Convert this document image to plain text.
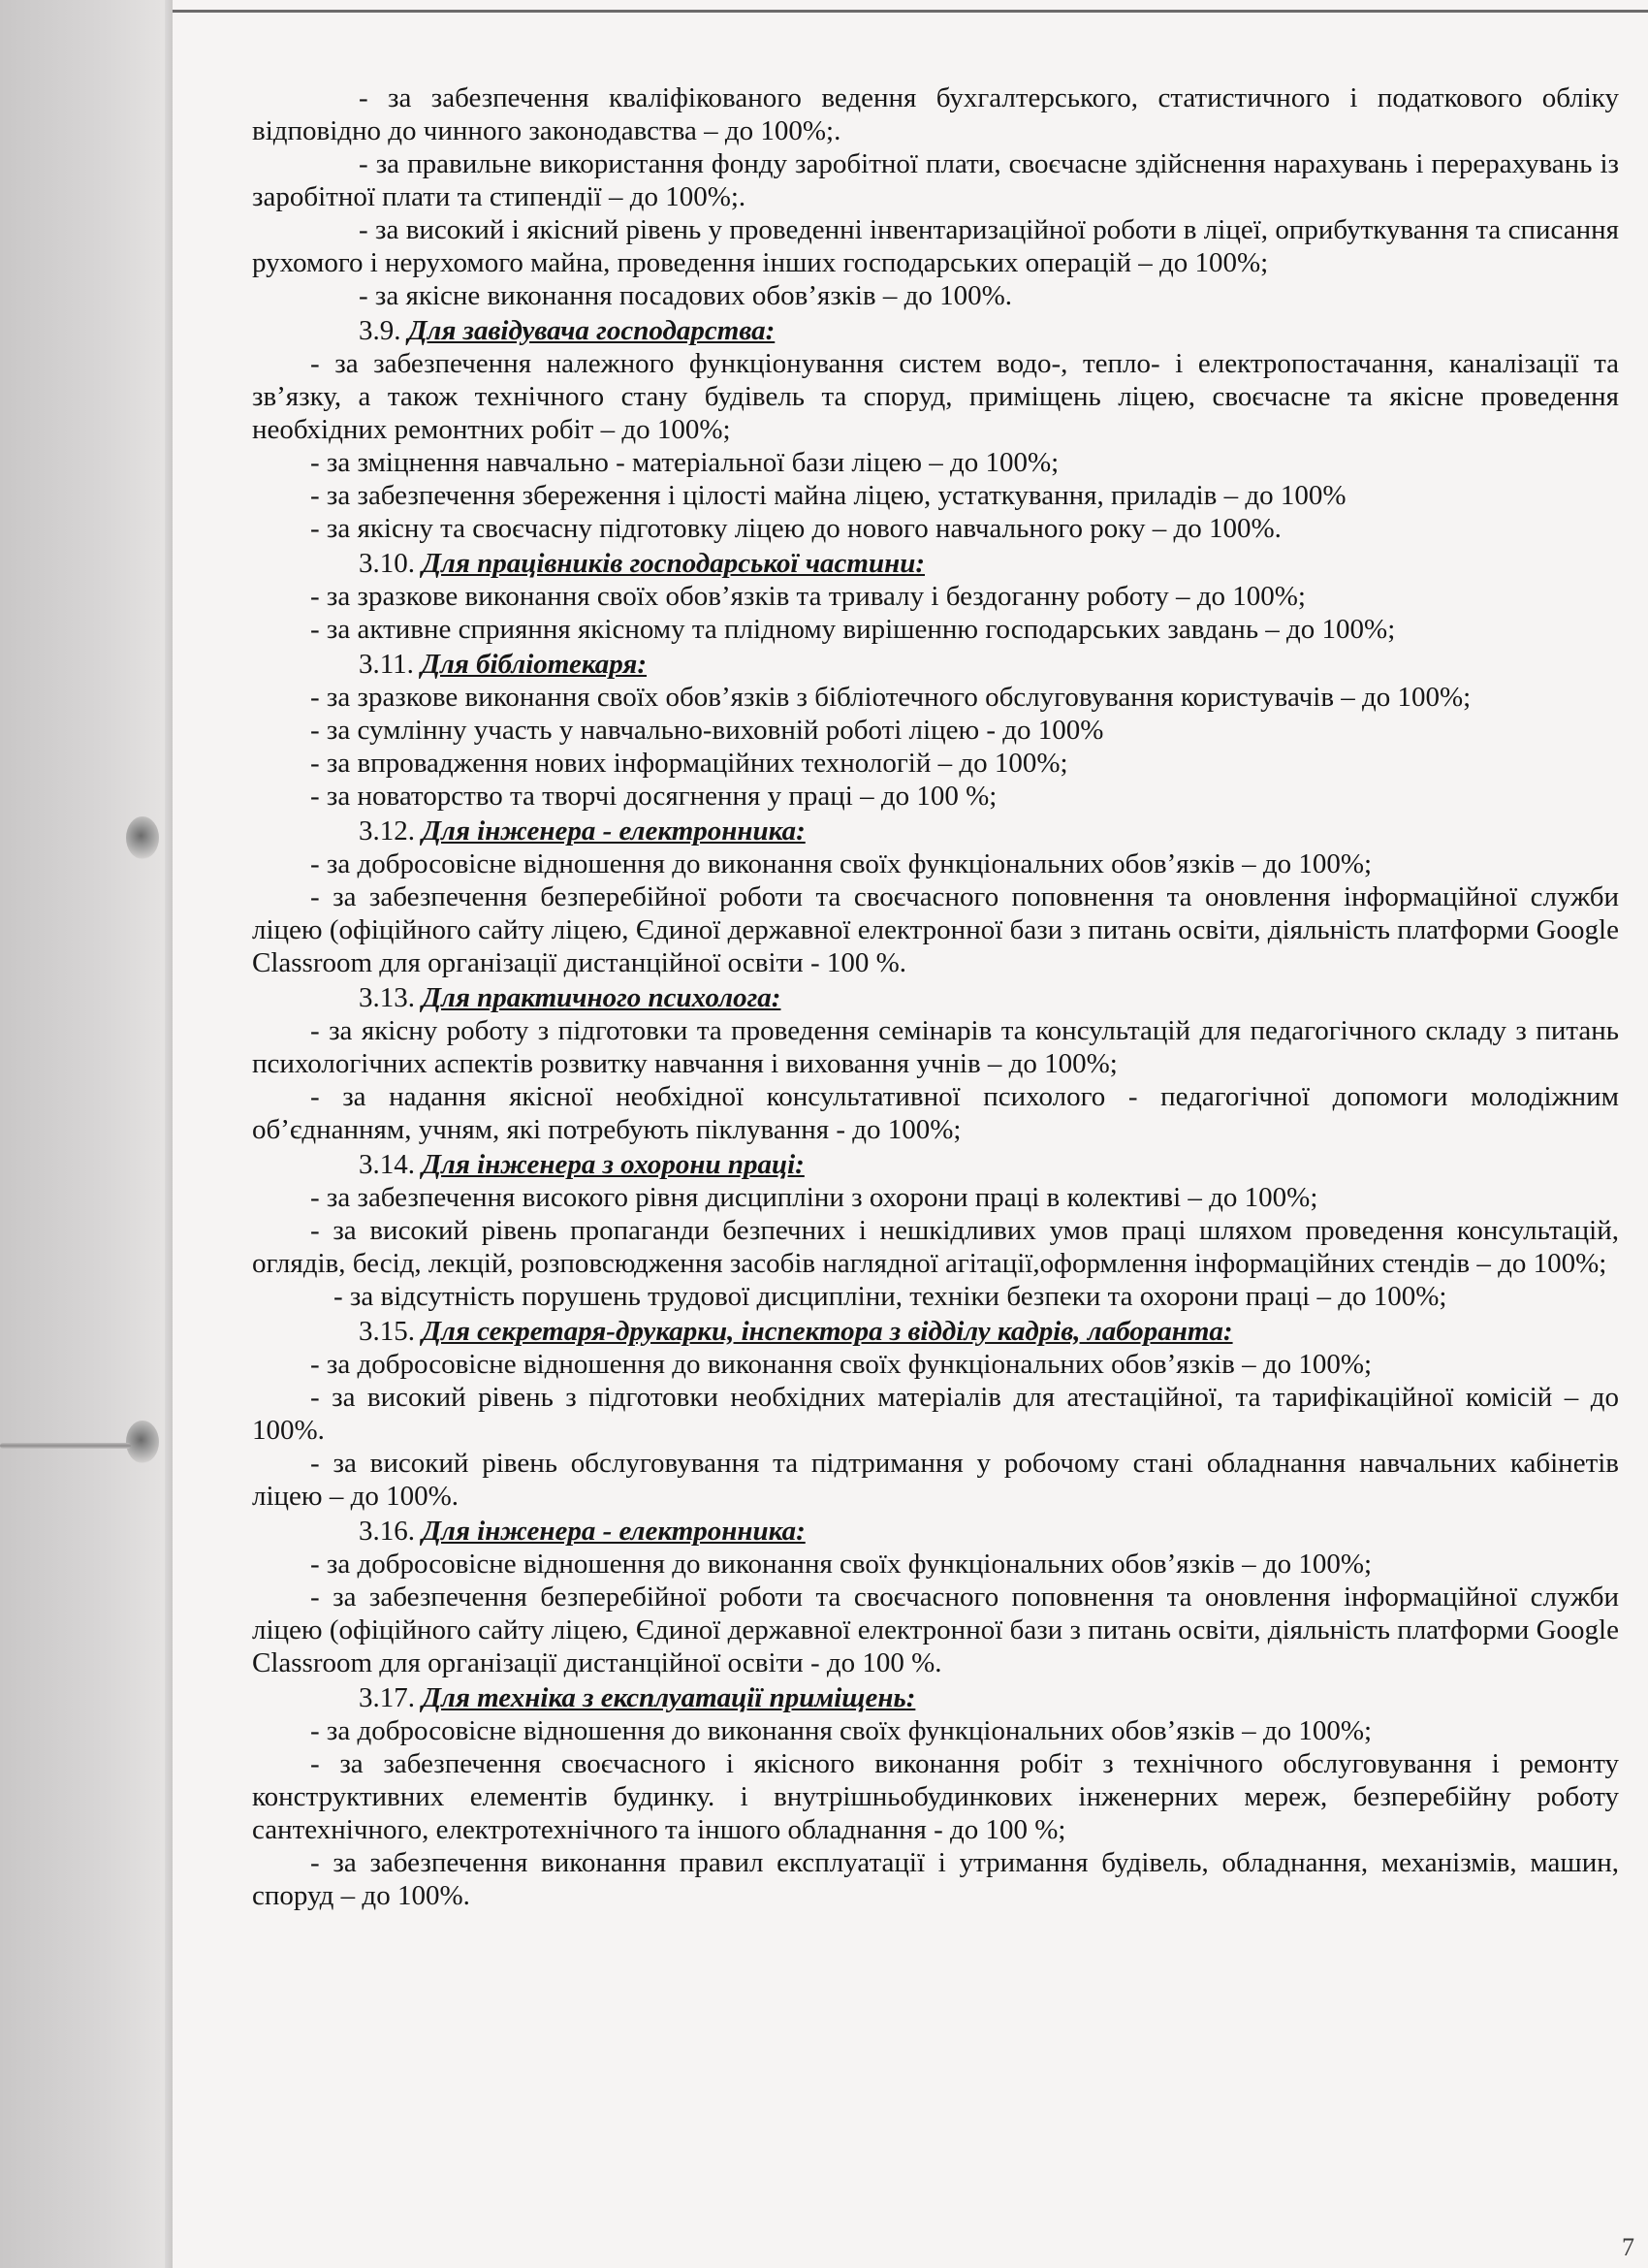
- за забезпечення кваліфікованого ведення бухгалтерського, статистичного і податкового обліку відповідно до чинного законодавства – до 100%;.

- за правильне використання фонду заробітної плати, своєчасне здійснення нарахувань і перерахувань із заробітної плати та стипендії – до 100%;.

- за високий і якісний рівень у проведенні інвентаризаційної роботи в ліцеї, оприбуткування та списання рухомого і нерухомого майна, проведення інших господарських операцій – до 100%;

- за якісне виконання посадових обов’язків – до 100%.

3.9. Для завідувача господарства:

- за забезпечення належного функціонування систем водо-, тепло- і електропостачання, каналізації та зв’язку, а також технічного стану будівель та споруд, приміщень ліцею, своєчасне та якісне проведення необхідних ремонтних робіт – до 100%;

- за зміцнення навчально - матеріальної бази ліцею – до 100%;

- за забезпечення збереження і цілості майна ліцею, устаткування, приладів – до 100%

- за якісну та своєчасну підготовку ліцею до нового навчального року – до 100%.

3.10. Для працівників господарської частини:

- за зразкове виконання своїх обов’язків та тривалу і бездоганну роботу – до 100%;

- за активне сприяння якісному та плідному вирішенню господарських завдань – до 100%;

3.11. Для бібліотекаря:

- за зразкове виконання своїх обов’язків з бібліотечного обслуговування користувачів – до 100%;

- за сумлінну участь у навчально-виховній роботі ліцею - до 100%

- за впровадження нових інформаційних технологій – до 100%;

- за новаторство та творчі досягнення у праці – до 100 %;

3.12. Для інженера - електронника:

- за добросовісне відношення до виконання своїх функціональних обов’язків – до 100%;

- за забезпечення безперебійної роботи та своєчасного поповнення та оновлення інформаційної служби ліцею (офіційного сайту ліцею, Єдиної державної електронної бази з питань освіти, діяльність платформи Google Classroom для організації дистанційної освіти - 100 %.

3.13. Для практичного психолога:

- за якісну роботу з підготовки та проведення семінарів та консультацій для педагогічного складу з питань психологічних аспектів розвитку навчання і виховання учнів – до 100%;

- за надання якісної необхідної консультативної психолого - педагогічної допомоги молодіжним об’єднанням, учням, які потребують піклування - до 100%;

3.14. Для інженера з охорони праці:

- за забезпечення високого рівня дисципліни з охорони праці в колективі – до 100%;

- за високий рівень пропаганди безпечних і нешкідливих умов праці шляхом проведення консультацій, оглядів, бесід, лекцій, розповсюдження засобів наглядної агітації,оформлення інформаційних стендів – до 100%;

- за відсутність порушень трудової дисципліни, техніки безпеки та охорони праці – до 100%;

3.15. Для секретаря-друкарки, інспектора з відділу кадрів, лаборанта:

- за добросовісне відношення до виконання своїх функціональних обов’язків – до 100%;

- за високий рівень з підготовки необхідних матеріалів для атестаційної, та тарифікаційної комісій – до 100%.

- за високий рівень обслуговування та підтримання у робочому стані обладнання навчальних кабінетів ліцею – до 100%.

3.16. Для інженера - електронника:

- за добросовісне відношення до виконання своїх функціональних обов’язків – до 100%;

- за забезпечення безперебійної роботи та своєчасного поповнення та оновлення інформаційної служби ліцею (офіційного сайту ліцею, Єдиної державної електронної бази з питань освіти, діяльність платформи Google Classroom для організації дистанційної освіти - до 100 %.

3.17. Для техніка з експлуатації приміщень:

- за добросовісне відношення до виконання своїх функціональних обов’язків – до 100%;

- за забезпечення своєчасного і якісного виконання робіт з технічного обслуговування і ремонту конструктивних елементів будинку. і внутрішньобудинкових інженерних мереж, безперебійну роботу сантехнічного, електротехнічного та іншого обладнання - до 100 %;

- за забезпечення виконання правил експлуатації і утримання будівель, обладнання, механізмів, машин, споруд – до 100%.

7
